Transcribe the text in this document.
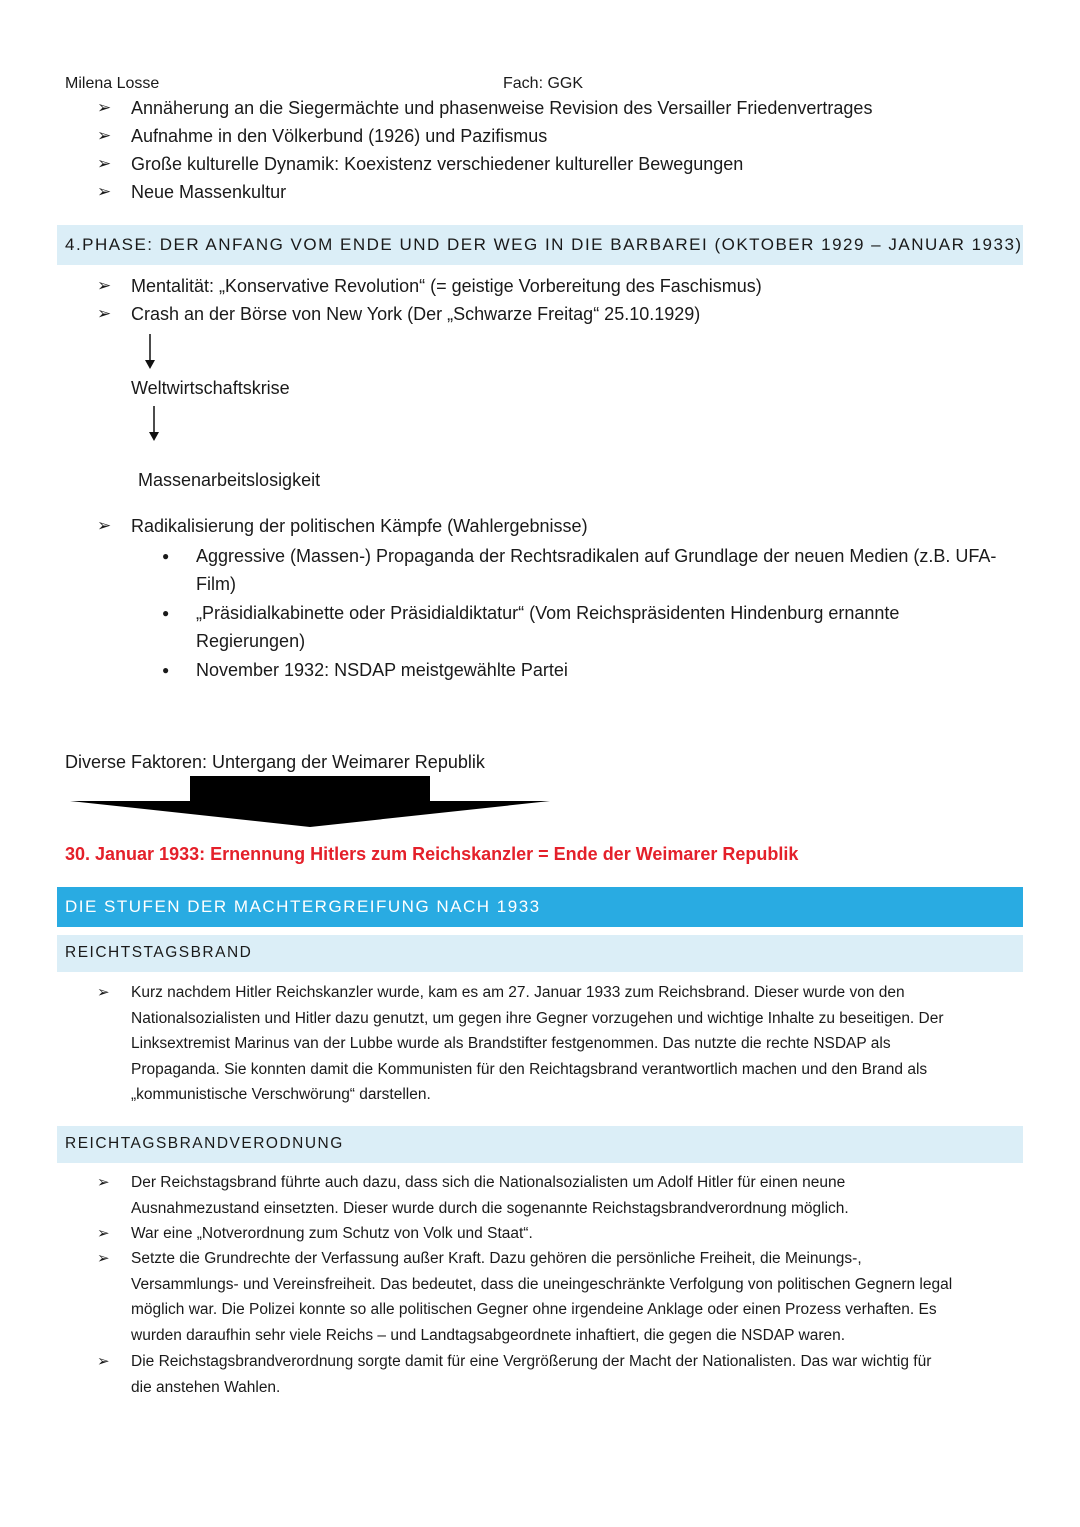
Milena Losse	Fach: GGK
➢ Annäherung an die Siegermächte und phasenweise Revision des Versailler Friedenvertrages
➢ Aufnahme in den Völkerbund (1926) und Pazifismus
➢ Große kulturelle Dynamik: Koexistenz verschiedener kultureller Bewegungen
➢ Neue Massenkultur
4.PHASE: DER ANFANG VOM ENDE UND DER WEG IN DIE BARBAREI (OKTOBER 1929 – JANUAR 1933)
➢ Mentalität: „Konservative Revolution“ (= geistige Vorbereitung des Faschismus)
➢ Crash an der Börse von New York (Der „Schwarze Freitag“ 25.10.1929)
Weltwirtschaftskrise
Massenarbeitslosigkeit
➢ Radikalisierung der politischen Kämpfe (Wahlergebnisse)
● Aggressive (Massen-) Propaganda der Rechtsradikalen auf Grundlage der neuen Medien (z.B. UFA-
Film)
● „Präsidialkabinette oder Präsidialdiktatur“ (Vom Reichspräsidenten Hindenburg ernannte
Regierungen)
● November 1932: NSDAP meistgewählte Partei
Diverse Faktoren: Untergang der Weimarer Republik
30. Januar 1933: Ernennung Hitlers zum Reichskanzler = Ende der Weimarer Republik
DIE STUFEN DER MACHTERGREIFUNG NACH 1933
REICHTSTAGSBRAND
➢ Kurz nachdem Hitler Reichskanzler wurde, kam es am 27. Januar 1933 zum Reichsbrand. Dieser wurde von den
Nationalsozialisten und Hitler dazu genutzt, um gegen ihre Gegner vorzugehen und wichtige Inhalte zu beseitigen. Der
Linksextremist Marinus van der Lubbe wurde als Brandstifter festgenommen. Das nutzte die rechte NSDAP als
Propaganda. Sie konnten damit die Kommunisten für den Reichtagsbrand verantwortlich machen und den Brand als
„kommunistische Verschwörung“ darstellen.
REICHTAGSBRANDVERODNUNG
➢ Der Reichstagsbrand führte auch dazu, dass sich die Nationalsozialisten um Adolf Hitler für einen neune
Ausnahmezustand einsetzten. Dieser wurde durch die sogenannte Reichstagsbrandverordnung möglich.
➢ War eine „Notverordnung zum Schutz von Volk und Staat“.
➢ Setzte die Grundrechte der Verfassung außer Kraft. Dazu gehören die persönliche Freiheit, die Meinungs-,
Versammlungs- und Vereinsfreiheit. Das bedeutet, dass die uneingeschränkte Verfolgung von politischen Gegnern legal
möglich war. Die Polizei konnte so alle politischen Gegner ohne irgendeine Anklage oder einen Prozess verhaften. Es
wurden daraufhin sehr viele Reichs – und Landtagsabgeordnete inhaftiert, die gegen die NSDAP waren.
➢ Die Reichstagsbrandverordnung sorgte damit für eine Vergrößerung der Macht der Nationalisten. Das war wichtig für
die anstehen Wahlen.
